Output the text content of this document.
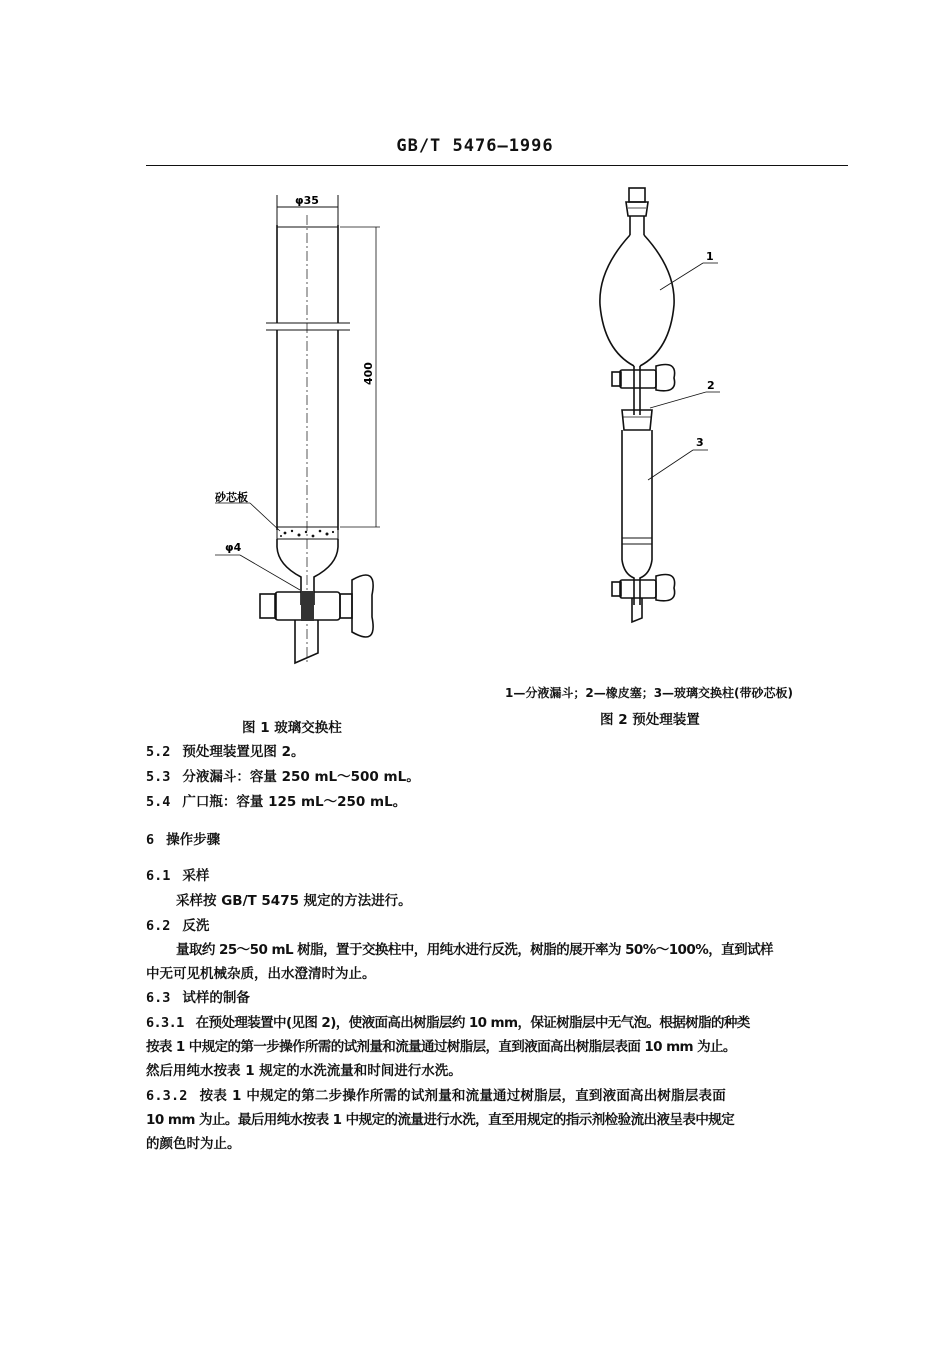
GB/T 5476—1996
φ35
400
砂芯板
φ4
1
2
3
1—分液漏斗；2—橡皮塞；3—玻璃交换柱(带砂芯板)
图 2 预处理装置
图 1 玻璃交换柱
5.2 预处理装置见图 2。
5.3 分液漏斗：容量 250 mL～500 mL。
5.4 广口瓶：容量 125 mL～250 mL。
6 操作步骤
6.1 采样
采样按 GB/T 5475 规定的方法进行。
6.2 反洗
量取约 25～50 mL 树脂，置于交换柱中，用纯水进行反洗，树脂的展开率为 50%～100%，直到试样
中无可见机械杂质，出水澄清时为止。
6.3 试样的制备
6.3.1 在预处理装置中(见图 2)，使液面高出树脂层约 10 mm，保证树脂层中无气泡。根据树脂的种类
按表 1 中规定的第一步操作所需的试剂量和流量通过树脂层，直到液面高出树脂层表面 10 mm 为止。
然后用纯水按表 1 规定的水洗流量和时间进行水洗。
6.3.2 按表 1 中规定的第二步操作所需的试剂量和流量通过树脂层，直到液面高出树脂层表面
10 mm 为止。最后用纯水按表 1 中规定的流量进行水洗，直至用规定的指示剂检验流出液呈表中规定
的颜色时为止。
